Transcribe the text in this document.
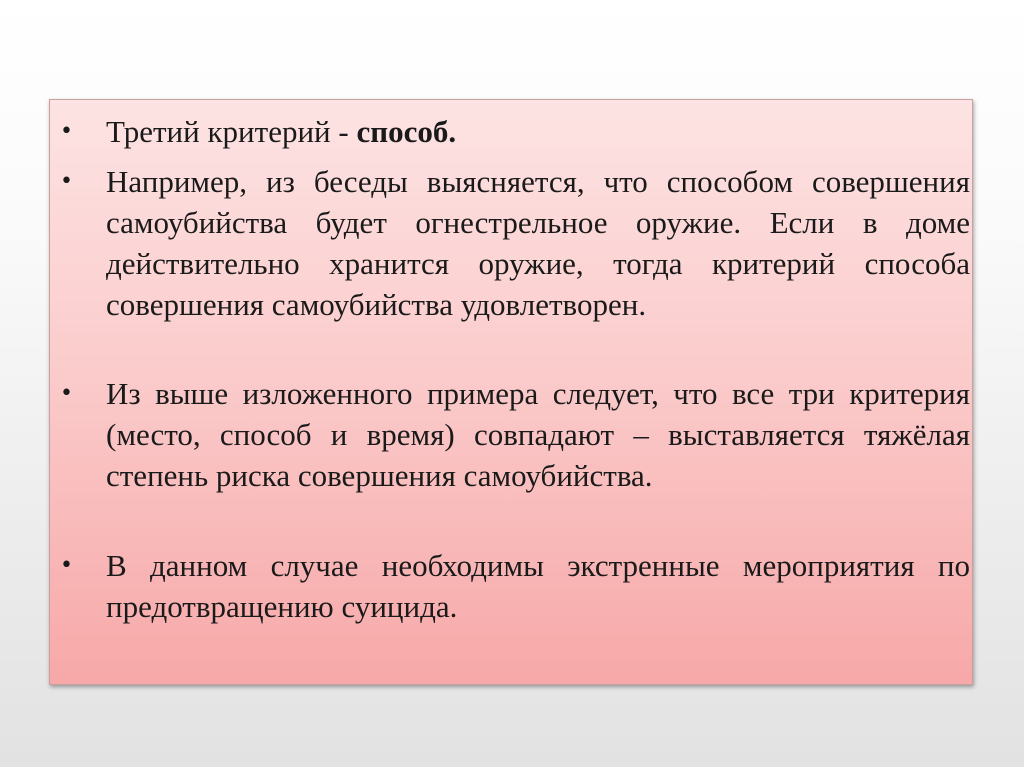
• Третий критерий - способ.
• Например, из беседы выясняется, что способом совершения самоубийства будет огнестрельное оружие. Если в доме действительно хранится оружие, тогда критерий способа совершения самоубийства удовлетворен.
• Из выше изложенного примера следует, что все три критерия (место, способ и время) совпадают – выставляется тяжёлая степень риска совершения самоубийства.
• В данном случае необходимы экстренные мероприятия по предотвращению суицида.
